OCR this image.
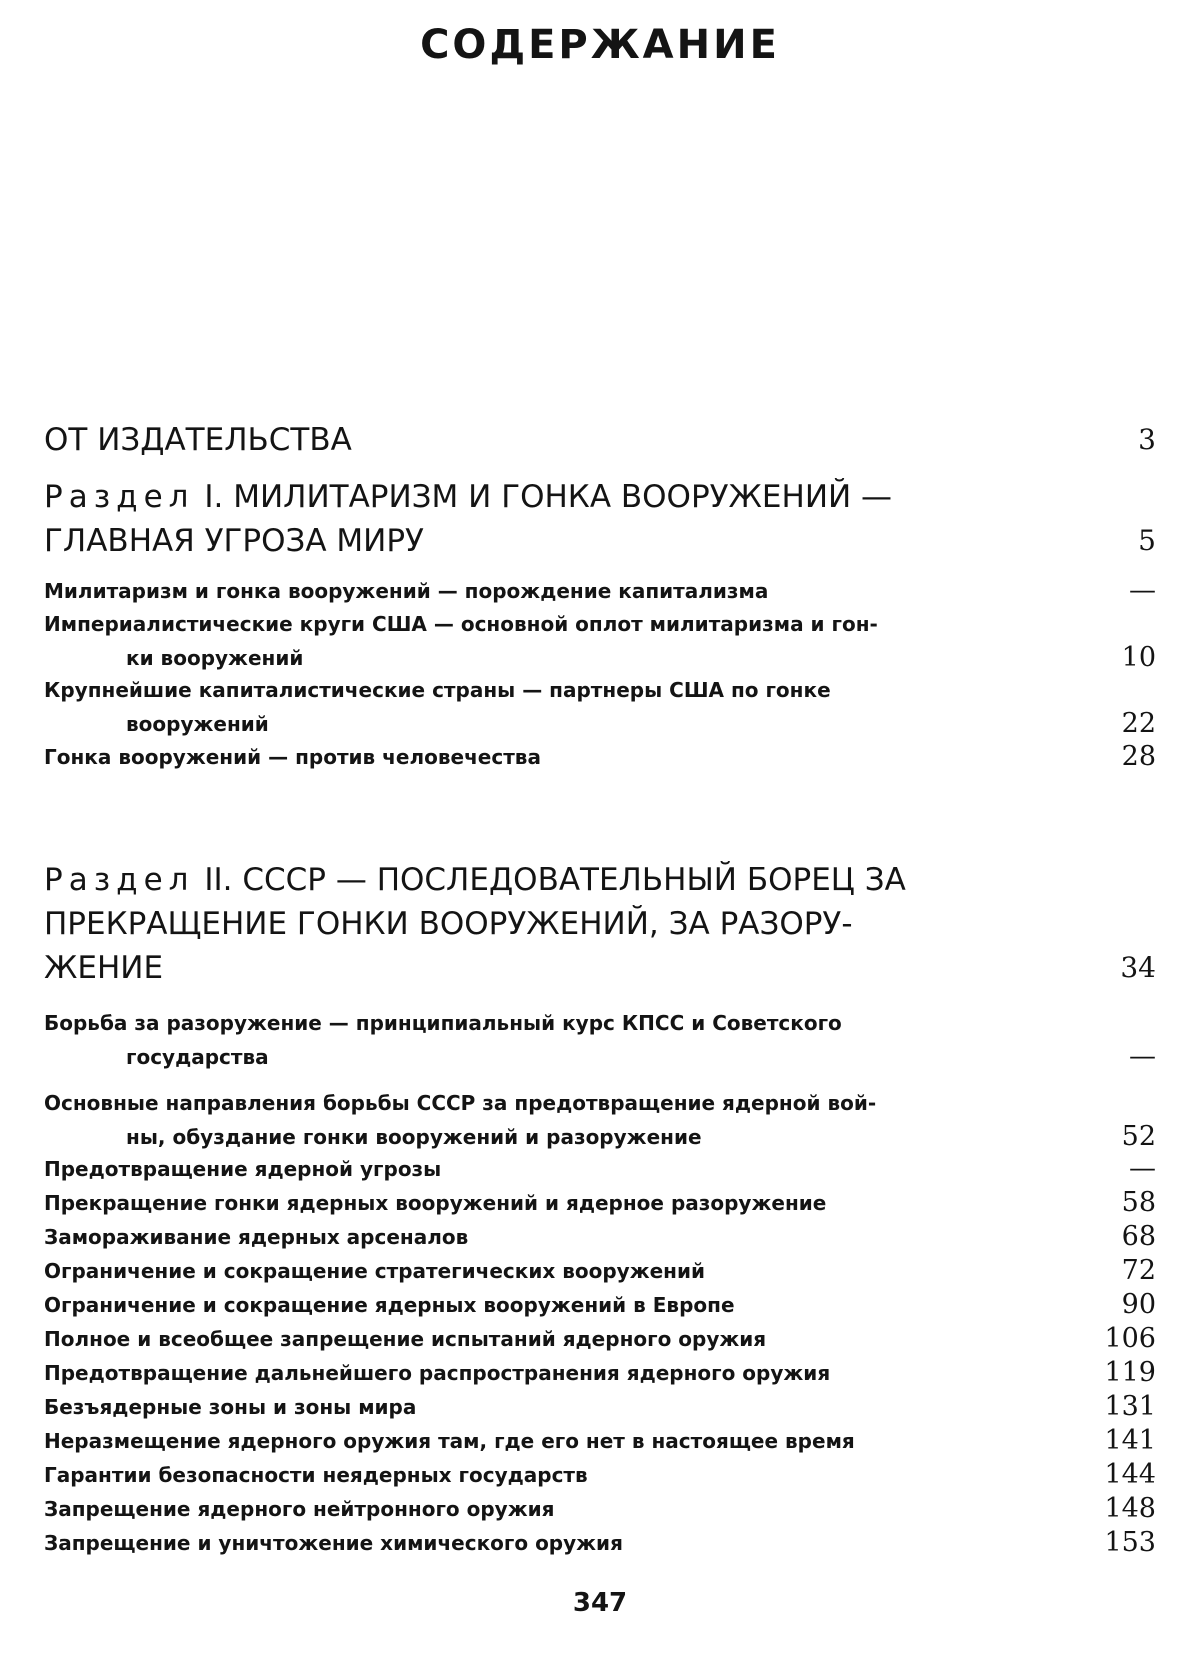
СОДЕРЖАНИЕ
ОТ ИЗДАТЕЛЬСТВА	3
Раздел I. МИЛИТАРИЗМ И ГОНКА ВООРУЖЕНИЙ —
ГЛАВНАЯ УГРОЗА МИРУ	5
Милитаризм и гонка вооружений — порождение капитализма	—
Империалистические круги США — основной оплот милитаризма и гон-
ки вооружений	10
Крупнейшие капиталистические страны — партнеры США по гонке
вооружений	22
Гонка вооружений — против человечества	28
Раздел II. СССР — ПОСЛЕДОВАТЕЛЬНЫЙ БОРЕЦ ЗА
ПРЕКРАЩЕНИЕ ГОНКИ ВООРУЖЕНИЙ, ЗА РАЗОРУ-
ЖЕНИЕ	34
Борьба за разоружение — принципиальный курс КПСС и Советского
государства	—
Основные направления борьбы СССР за предотвращение ядерной вой-
ны, обуздание гонки вооружений и разоружение	52
Предотвращение ядерной угрозы	—
Прекращение гонки ядерных вооружений и ядерное разоружение	58
Замораживание ядерных арсеналов	68
Ограничение и сокращение стратегических вооружений	72
Ограничение и сокращение ядерных вооружений в Европе	90
Полное и всеобщее запрещение испытаний ядерного оружия	106
Предотвращение дальнейшего распространения ядерного оружия	119
Безъядерные зоны и зоны мира	131
Неразмещение ядерного оружия там, где его нет в настоящее время	141
Гарантии безопасности неядерных государств	144
Запрещение ядерного нейтронного оружия	148
Запрещение и уничтожение химического оружия	153
347
